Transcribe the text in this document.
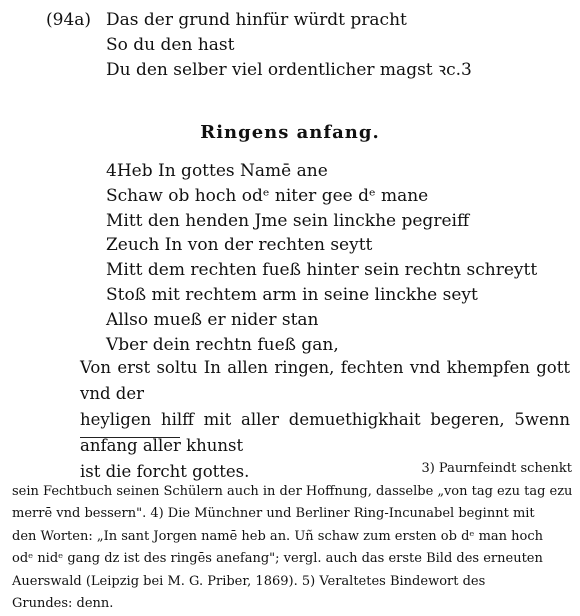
(94a) Das der grund hinfür würdt pracht
So du den hast
Du den selber viel ordentlicher magst ꝛc.3
Ringens anfang.
4Heb In gottes Namē ane
Schaw ob hoch odᵉ niter gee dᵉ mane
Mitt den henden Jme sein linckhe pegreiff
Zeuch In von der rechten seytt
Mitt dem rechten fueß hinter sein rechtn schreytt
Stoß mit rechtem arm in seine linckhe seyt
Allso mueß er nider stan
Vber dein rechtn fueß gan,
Von erst soltu In allen ringen, fechten vnd khempfen gott vnd der
heyligen hilff mit aller demuethigkhait begeren, 5wenn anfang aller khunst
ist die forcht gottes.	3) Paurnfeindt schenkt
sein Fechtbuch seinen Schülern auch in der Hoffnung, dasselbe „von tag ezu tag ezu
merrē vnd bessern". 4) Die Münchner und Berliner Ring-Incunabel beginnt mit
den Worten: „In sant Jorgen namē heb an. Uñ schaw zum ersten ob dᵉ man hoch
odᵉ nidᵉ gang dz ist des ringēs anefang"; vergl. auch das erste Bild des erneuten
Auerswald (Leipzig bei M. G. Priber, 1869). 5) Veraltetes Bindewort des
Grundes: denn.
